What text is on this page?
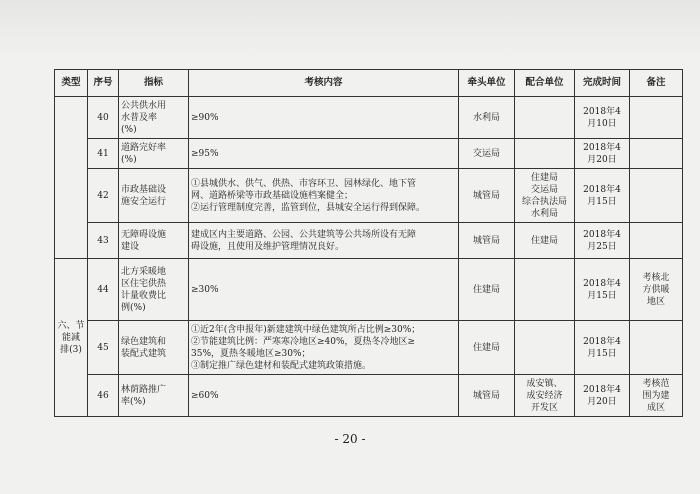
类型	序号	指标	考核内容	牵头单位	配合单位	完成时间	备注
	40	公共供水用
水普及率
(%)	≥90%	水利局		2018年4
月10日	
	41	道路完好率
(%)	≥95%	交运局		2018年4
月20日	
	42	市政基础设
施安全运行	①县城供水、供气、供热、市容环卫、园林绿化、地下管
网、道路桥梁等市政基础设施档案健全；
②运行管理制度完善，监管到位，县城安全运行得到保障。	城管局	住建局
交运局
综合执法局
水利局	2018年4
月15日	
	43	无障碍设施
建设	建成区内主要道路、公园、公共建筑等公共场所设有无障
碍设施，且使用及维护管理情况良好。	城管局	住建局	2018年4
月25日	
六、节
能减
排(3)	44	北方采暖地
区住宅供热
计量收费比
例(%)	≥30%	住建局		2018年4
月15日	考核北
方供暖
地区
	45	绿色建筑和
装配式建筑	①近2年(含申报年)新建建筑中绿色建筑所占比例≥30%；
②节能建筑比例：严寒寒冷地区≥40%，夏热冬冷地区≥
35%，夏热冬暖地区≥30%；
③制定推广绿色建材和装配式建筑政策措施。	住建局		2018年4
月15日	
	46	林荫路推广
率(%)	≥60%	城管局	成安镇、
成安经济
开发区	2018年4
月20日	考核范
围为建
成区
- 20 -
